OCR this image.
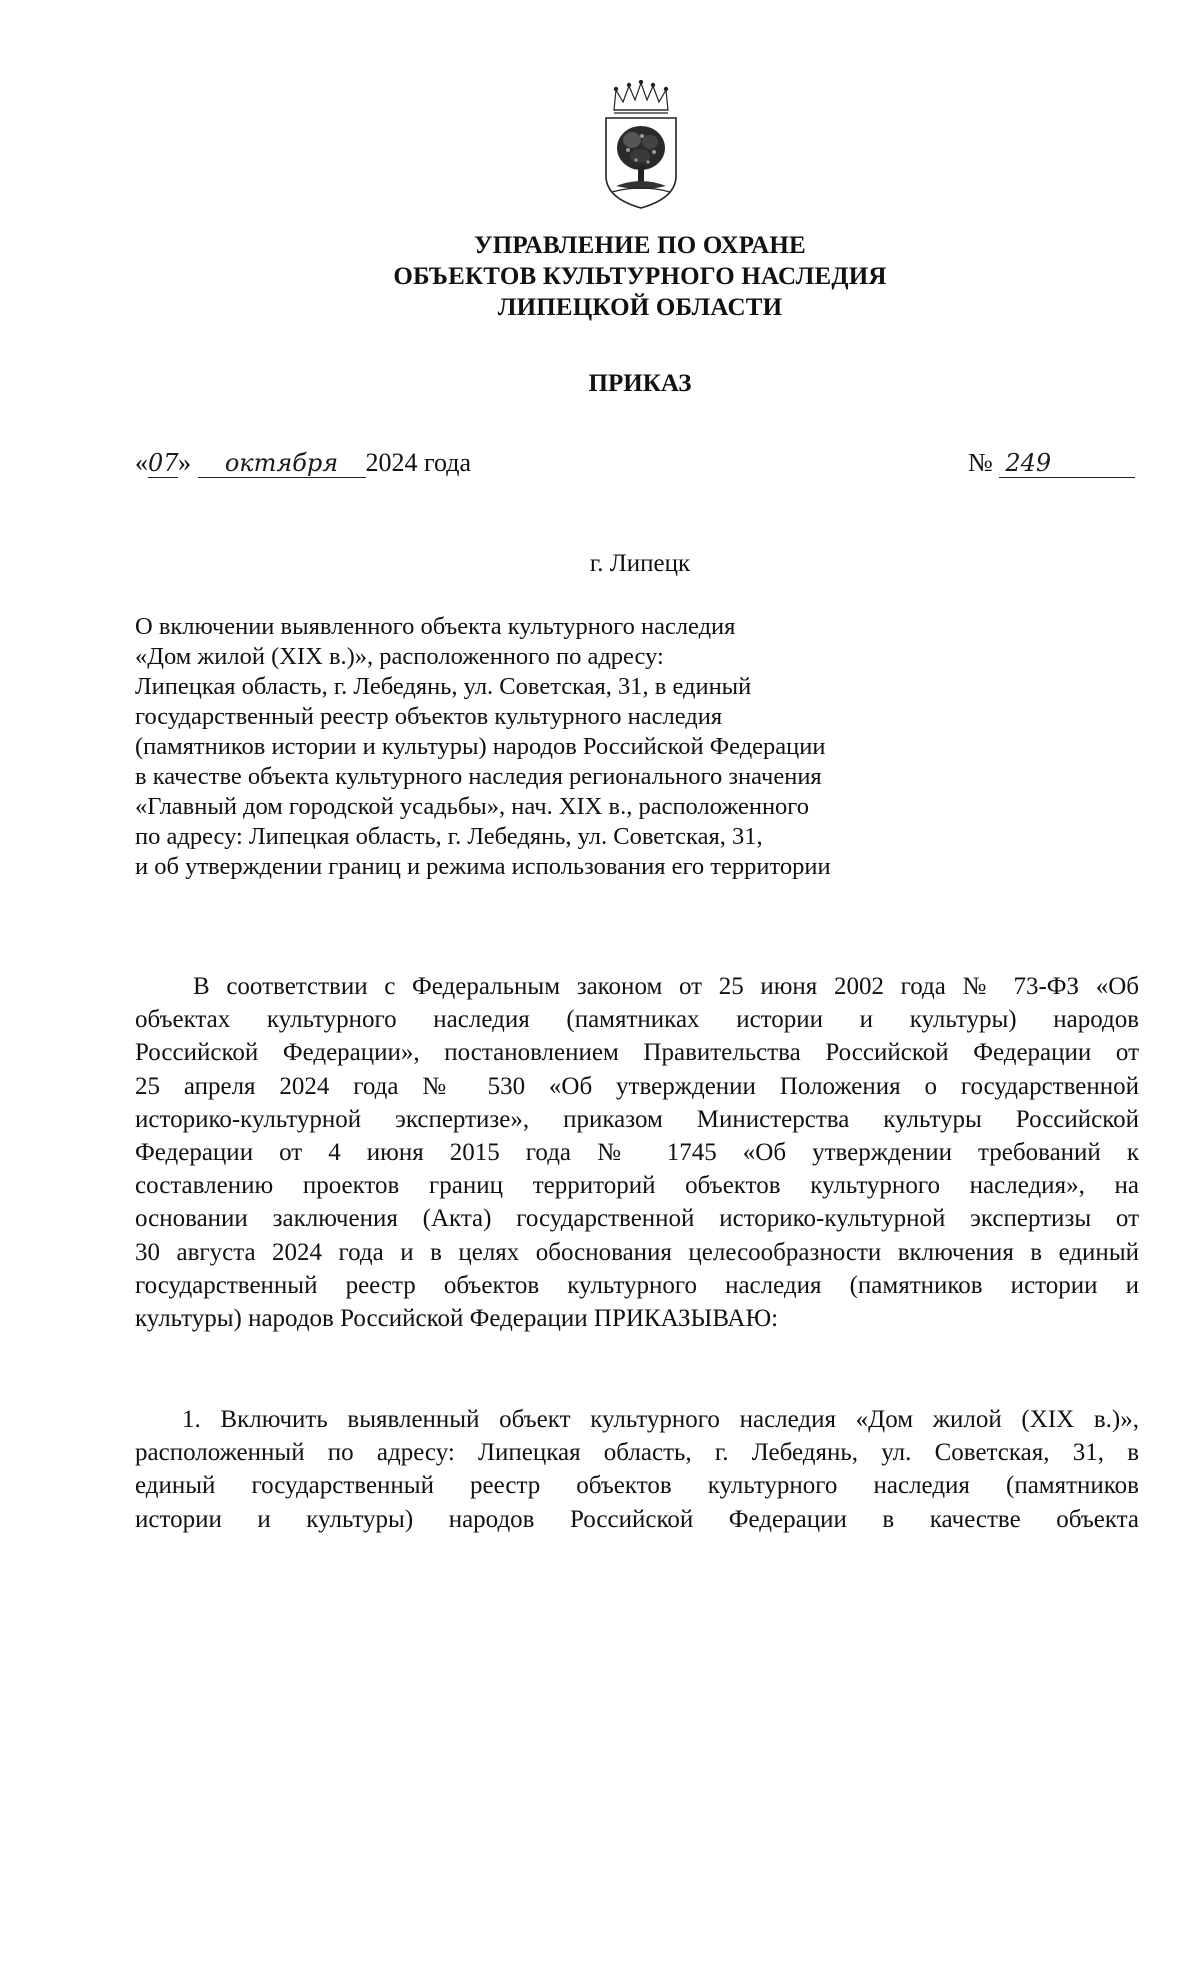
УПРАВЛЕНИЕ ПО ОХРАНЕ
ОБЪЕКТОВ КУЛЬТУРНОГО НАСЛЕДИЯ
ЛИПЕЦКОЙ ОБЛАСТИ
ПРИКАЗ
«07» октября 2024 года	№ 249
г. Липецк
О включении выявленного объекта культурного наследия
«Дом жилой (XIX в.)», расположенного по адресу:
Липецкая область, г. Лебедянь, ул. Советская, 31, в единый
государственный реестр объектов культурного наследия
(памятников истории и культуры) народов Российской Федерации
в качестве объекта культурного наследия регионального значения
«Главный дом городской усадьбы», нач. XIX в., расположенного
по адресу: Липецкая область, г. Лебедянь, ул. Советская, 31,
и об утверждении границ и режима использования его территории
В соответствии с Федеральным законом от 25 июня 2002 года № 73-ФЗ «Об
объектах культурного наследия (памятниках истории и культуры) народов
Российской Федерации», постановлением Правительства Российской Федерации от
25 апреля 2024 года № 530 «Об утверждении Положения о государственной
историко-культурной экспертизе», приказом Министерства культуры Российской
Федерации от 4 июня 2015 года № 1745 «Об утверждении требований к
составлению проектов границ территорий объектов культурного наследия», на
основании заключения (Акта) государственной историко-культурной экспертизы от
30 августа 2024 года и в целях обоснования целесообразности включения в единый
государственный реестр объектов культурного наследия (памятников истории и
культуры) народов Российской Федерации ПРИКАЗЫВАЮ:
1. Включить выявленный объект культурного наследия «Дом жилой (XIX в.)»,
расположенный по адресу: Липецкая область, г. Лебедянь, ул. Советская, 31, в
единый государственный реестр объектов культурного наследия (памятников
истории и культуры) народов Российской Федерации в качестве объекта
